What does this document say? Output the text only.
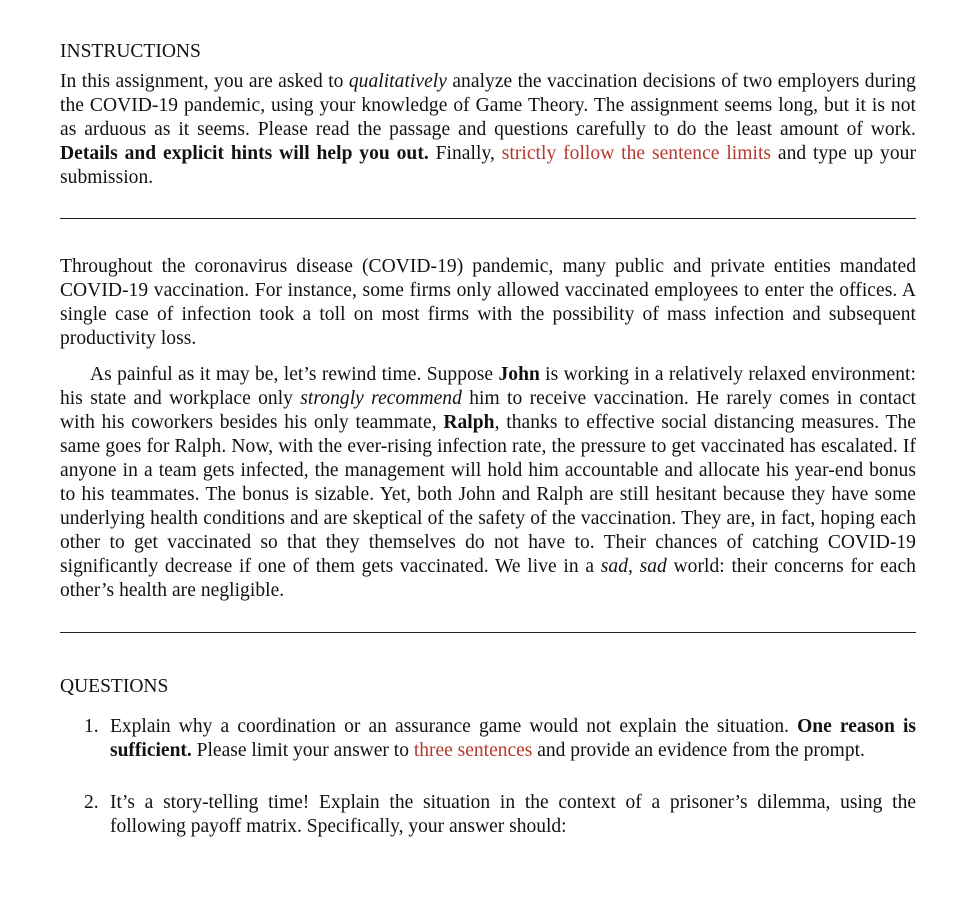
INSTRUCTIONS

In this assignment, you are asked to qualitatively analyze the vaccination decisions of two employers during the COVID-19 pandemic, using your knowledge of Game Theory. The assignment seems long, but it is not as arduous as it seems. Please read the passage and questions carefully to do the least amount of work. Details and explicit hints will help you out. Finally, strictly follow the sentence limits and type up your submission.

Throughout the coronavirus disease (COVID-19) pandemic, many public and private entities mandated COVID-19 vaccination. For instance, some firms only allowed vaccinated employees to enter the offices. A single case of infection took a toll on most firms with the possibility of mass infection and subsequent productivity loss.

As painful as it may be, let’s rewind time. Suppose John is working in a relatively relaxed environment: his state and workplace only strongly recommend him to receive vaccination. He rarely comes in contact with his coworkers besides his only teammate, Ralph, thanks to effective social distancing measures. The same goes for Ralph. Now, with the ever-rising infection rate, the pressure to get vaccinated has escalated. If anyone in a team gets infected, the management will hold him accountable and allocate his year-end bonus to his teammates. The bonus is sizable. Yet, both John and Ralph are still hesitant because they have some underlying health conditions and are skeptical of the safety of the vaccination. They are, in fact, hoping each other to get vaccinated so that they themselves do not have to. Their chances of catching COVID-19 significantly decrease if one of them gets vaccinated. We live in a sad, sad world: their concerns for each other’s health are negligible.

QUESTIONS
1. Explain why a coordination or an assurance game would not explain the situation. One reason is sufficient. Please limit your answer to three sentences and provide an evidence from the prompt.
2. It’s a story-telling time! Explain the situation in the context of a prisoner’s dilemma, using the following payoff matrix. Specifically, your answer should:
